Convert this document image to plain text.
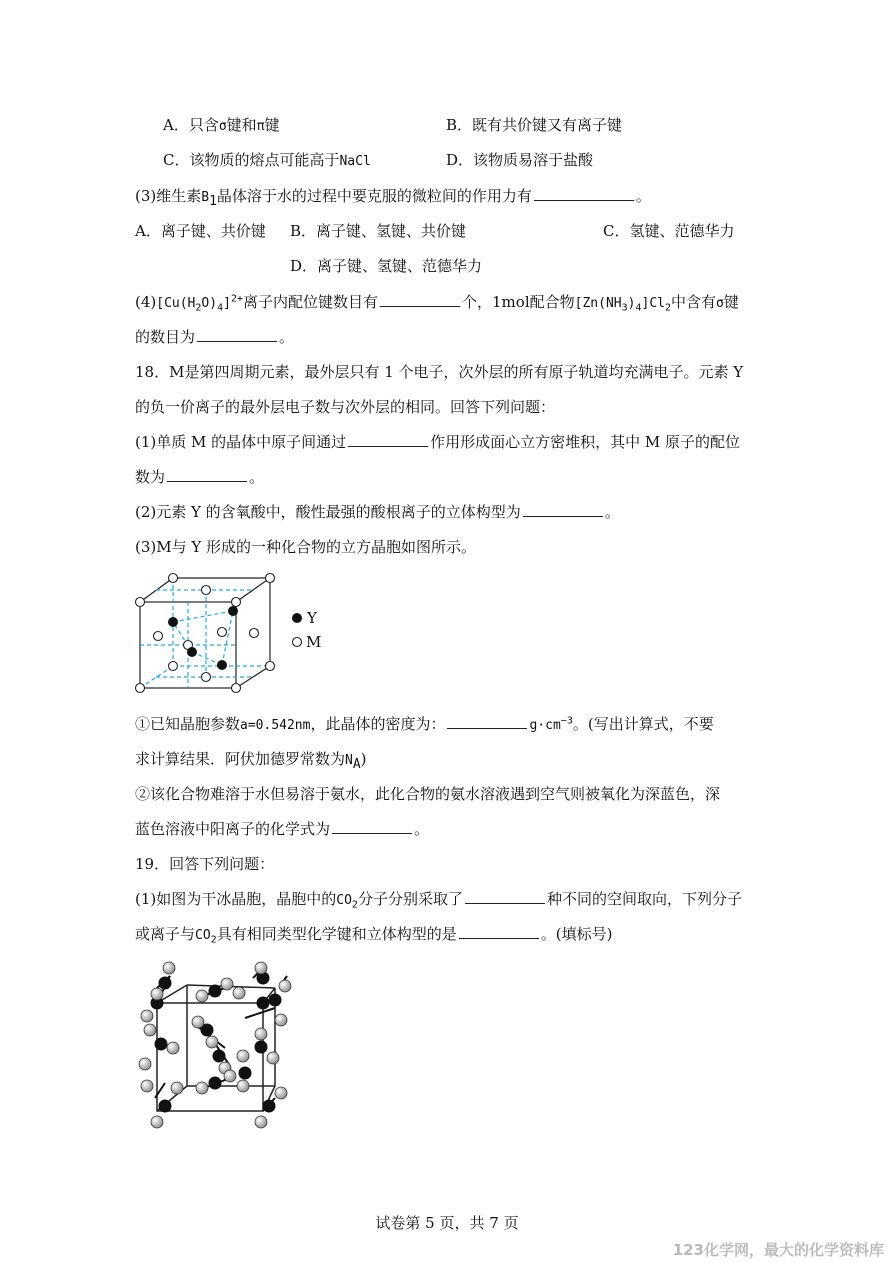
A．只含σ键和π键	B．既有共价键又有离子键
C．该物质的熔点可能高于NaCl	D．该物质易溶于盐酸
(3)维生素$B_1$晶体溶于水的过程中要克服的微粒间的作用力有	。
A．离子键、共价键 B．离子键、氢键、共价键	C．氢键、范德华力
D．离子键、氢键、范德华力
$(4)[Cu(H_2O)_4]^{2+}$离子内配位键数目有	个，1mol配合物$[Zn(NH_3)_4]Cl_2$中含有σ键
的数目为	。
18．M是第四周期元素，最外层只有 1 个电子，次外层的所有原子轨道均充满电子。元素 Y
的负一价离子的最外层电子数与次外层的相同。回答下列问题：
(1)单质 M 的晶体中原子间通过	作用形成面心立方密堆积，其中 M 原子的配位
数为	。
(2)元素 Y 的含氧酸中，酸性最强的酸根离子的立体构型为	。
(3)M与 Y 形成的一种化合物的立方晶胞如图所示。
Y
M
①已知晶胞参数a=0.542nm，此晶体的密度为：	$g\cdot cm^{-3}$。(写出计算式，不要
求计算结果．阿伏加德罗常数为$N_A$)
②该化合物难溶于水但易溶于氨水，此化合物的氨水溶液遇到空气则被氧化为深蓝色，深
蓝色溶液中阳离子的化学式为	。
19．回答下列问题：
(1)如图为干冰晶胞，晶胞中的$CO_2$分子分别采取了	种不同的空间取向，下列分子
或离子与$CO_2$具有相同类型化学键和立体构型的是	。(填标号)
试卷第 5 页，共 7 页
123化学网，最大的化学资料库
